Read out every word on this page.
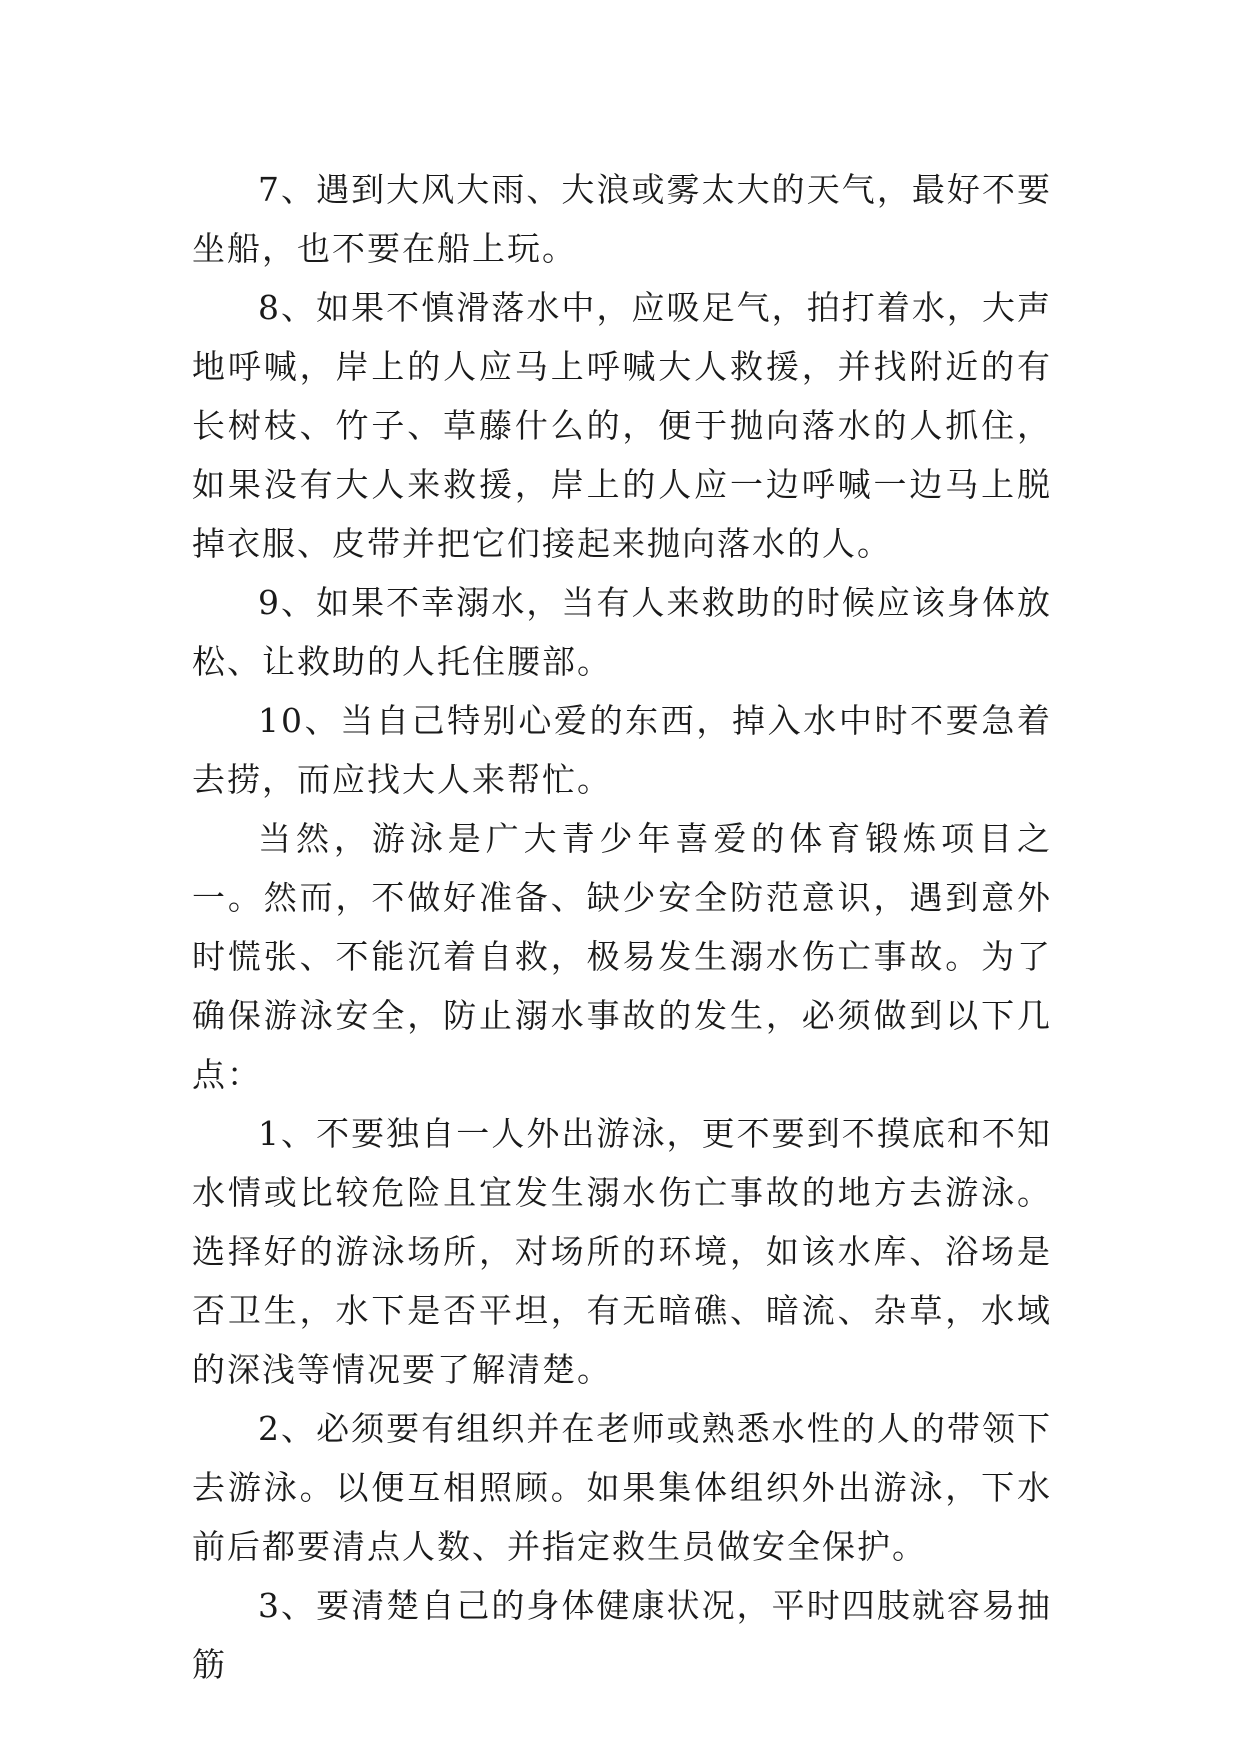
7、遇到大风大雨、大浪或雾太大的天气，最好不要坐船，也不要在船上玩。

8、如果不慎滑落水中，应吸足气，拍打着水，大声地呼喊，岸上的人应马上呼喊大人救援，并找附近的有长树枝、竹子、草藤什么的，便于抛向落水的人抓住，如果没有大人来救援，岸上的人应一边呼喊一边马上脱掉衣服、皮带并把它们接起来抛向落水的人。

9、如果不幸溺水，当有人来救助的时候应该身体放松、让救助的人托住腰部。

10、当自己特别心爱的东西，掉入水中时不要急着去捞，而应找大人来帮忙。

当然，游泳是广大青少年喜爱的体育锻炼项目之一。然而，不做好准备、缺少安全防范意识，遇到意外时慌张、不能沉着自救，极易发生溺水伤亡事故。为了确保游泳安全，防止溺水事故的发生，必须做到以下几点：

1、不要独自一人外出游泳，更不要到不摸底和不知水情或比较危险且宜发生溺水伤亡事故的地方去游泳。选择好的游泳场所，对场所的环境，如该水库、浴场是否卫生，水下是否平坦，有无暗礁、暗流、杂草，水域的深浅等情况要了解清楚。

2、必须要有组织并在老师或熟悉水性的人的带领下去游泳。以便互相照顾。如果集体组织外出游泳，下水前后都要清点人数、并指定救生员做安全保护。

3、要清楚自己的身体健康状况，平时四肢就容易抽筋
